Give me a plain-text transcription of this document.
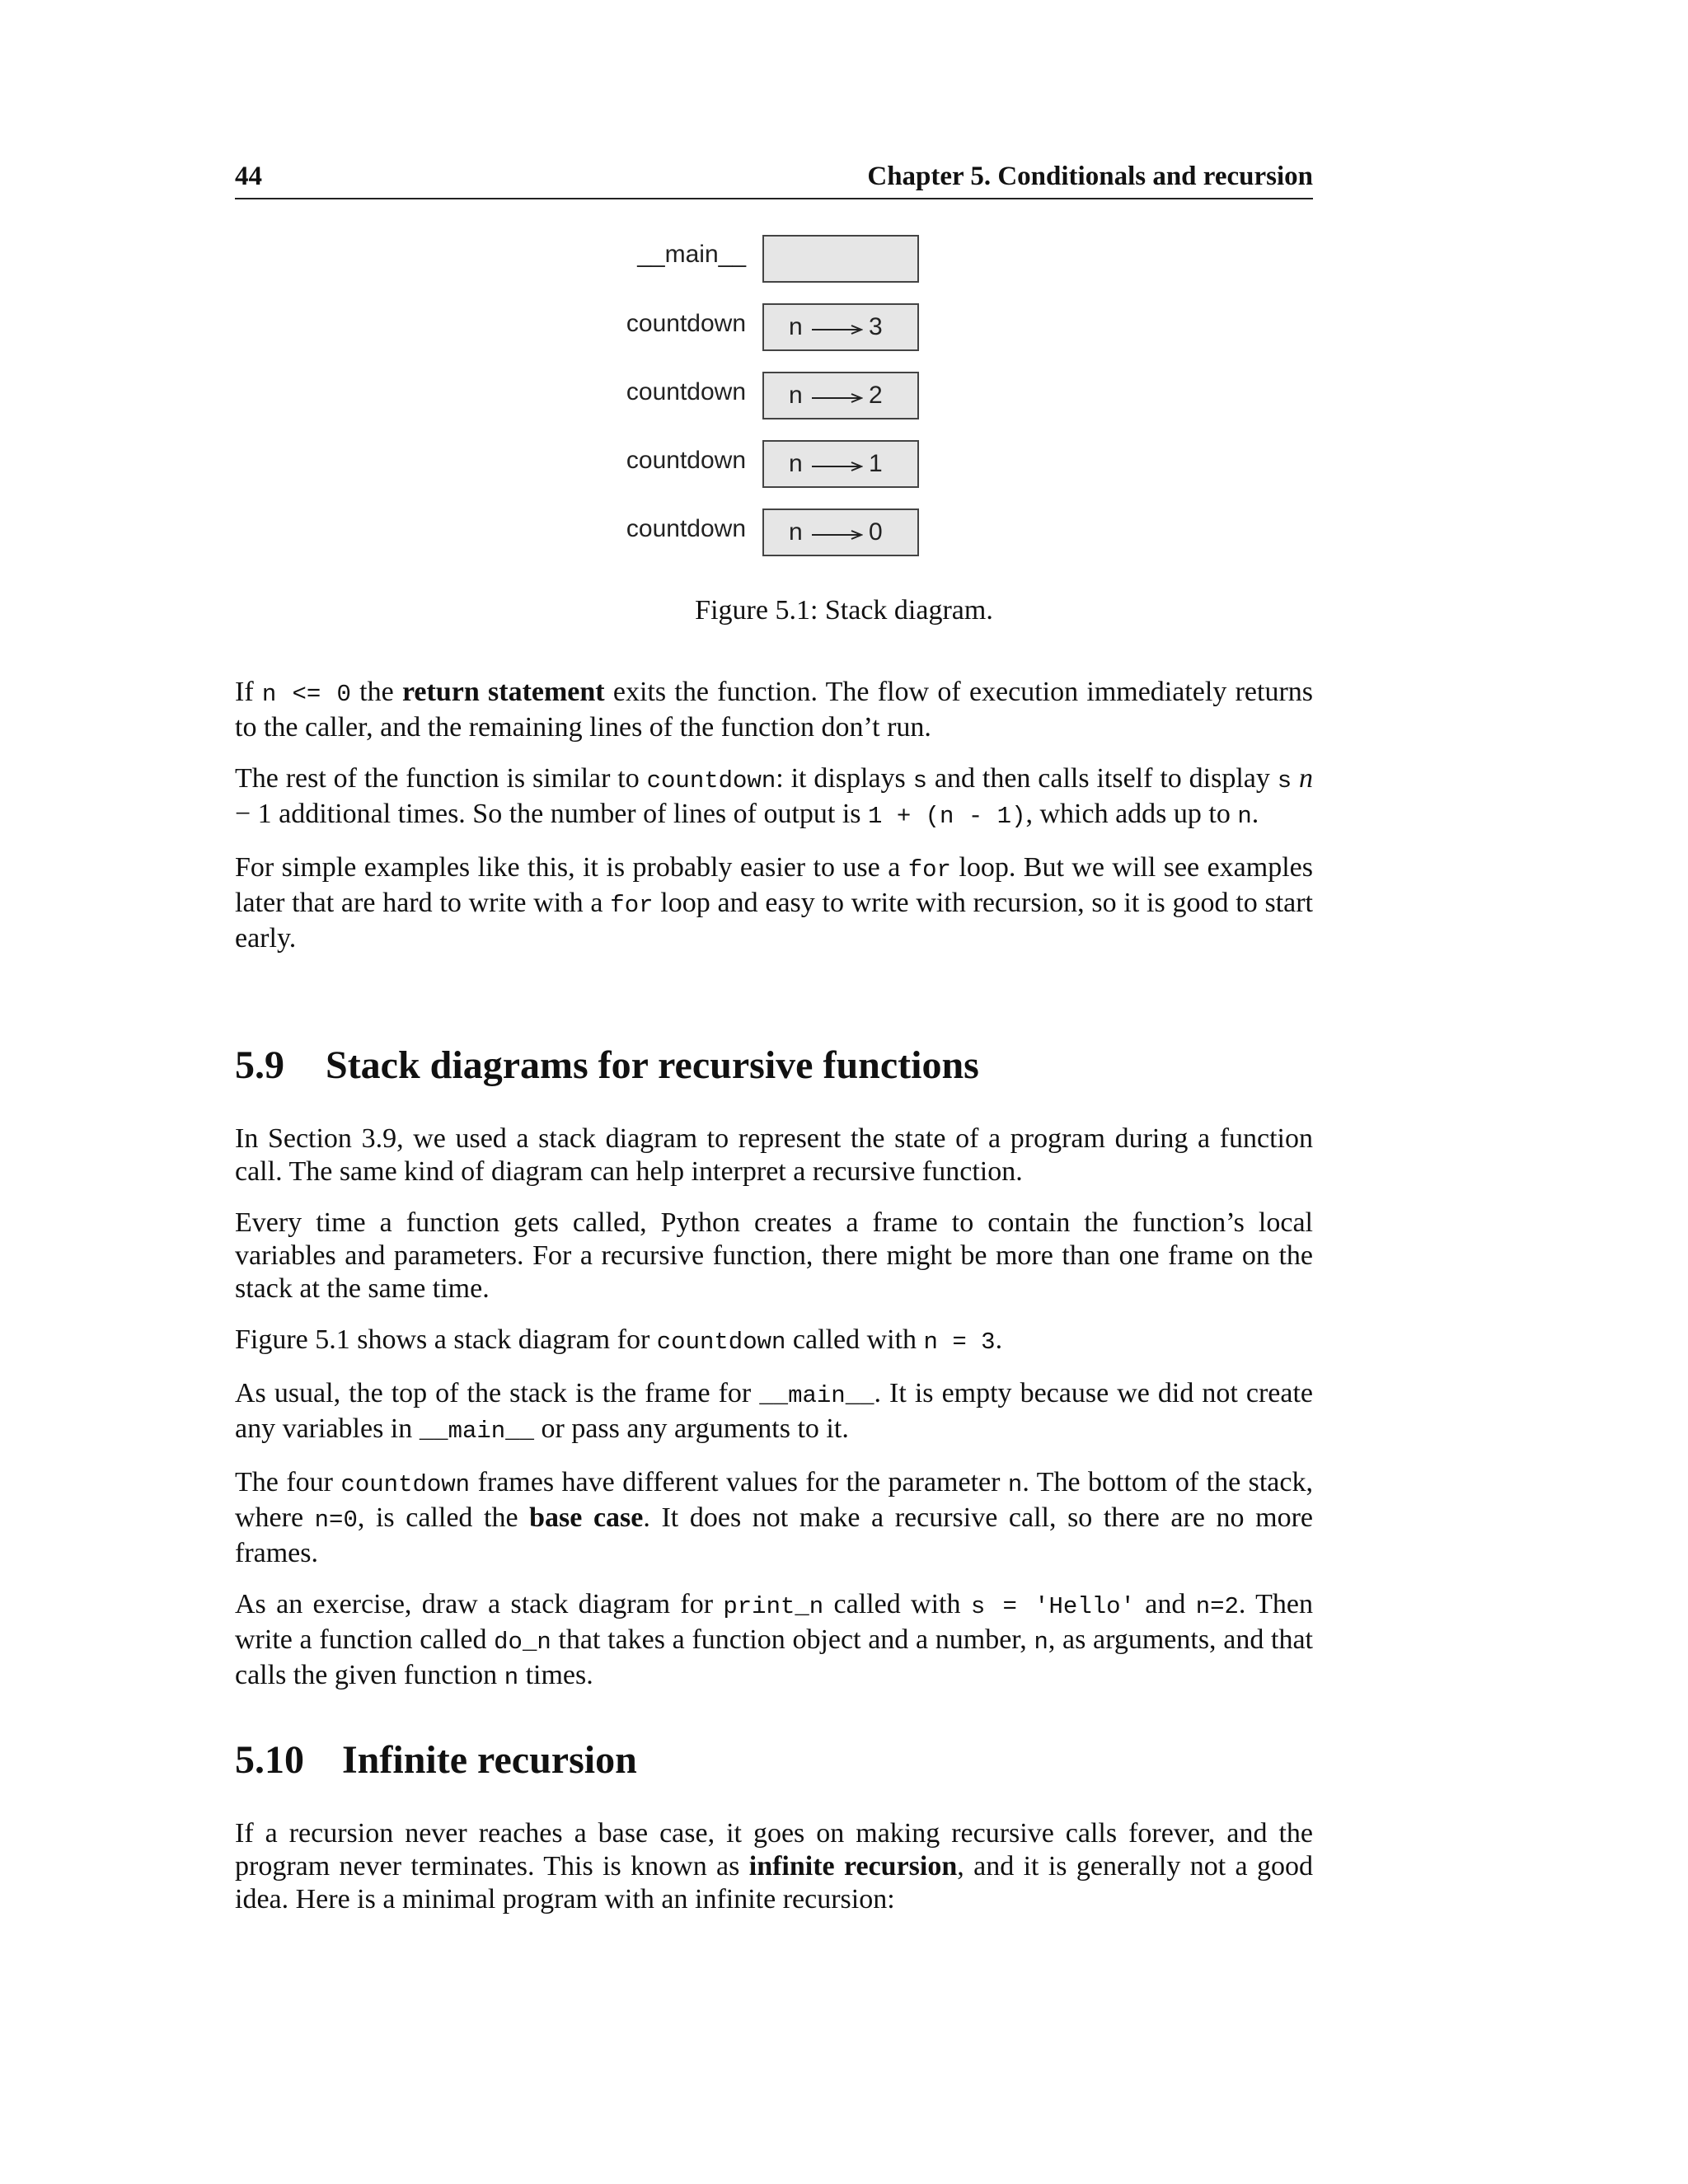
44	Chapter 5. Conditionals and recursion
__main__
countdown n	3
countdown n	2
countdown n	1
countdown n	0
Figure 5.1: Stack diagram.

If n <= 0 the return statement exits the function. The flow of execution immediately returns to the caller, and the remaining lines of the function don’t run.

The rest of the function is similar to countdown: it displays s and then calls itself to display s n − 1 additional times. So the number of lines of output is 1 + (n - 1), which adds up to n.

For simple examples like this, it is probably easier to use a for loop. But we will see examples later that are hard to write with a for loop and easy to write with recursion, so it is good to start early.

5.9 Stack diagrams for recursive functions

In Section 3.9, we used a stack diagram to represent the state of a program during a function call. The same kind of diagram can help interpret a recursive function.

Every time a function gets called, Python creates a frame to contain the function’s local variables and parameters. For a recursive function, there might be more than one frame on the stack at the same time.

Figure 5.1 shows a stack diagram for countdown called with n = 3.

As usual, the top of the stack is the frame for __main__. It is empty because we did not create any variables in __main__ or pass any arguments to it.

The four countdown frames have different values for the parameter n. The bottom of the stack, where n=0, is called the base case. It does not make a recursive call, so there are no more frames.

As an exercise, draw a stack diagram for print_n called with s = 'Hello' and n=2. Then write a function called do_n that takes a function object and a number, n, as arguments, and that calls the given function n times.

5.10 Infinite recursion

If a recursion never reaches a base case, it goes on making recursive calls forever, and the program never terminates. This is known as infinite recursion, and it is generally not a good idea. Here is a minimal program with an infinite recursion:
